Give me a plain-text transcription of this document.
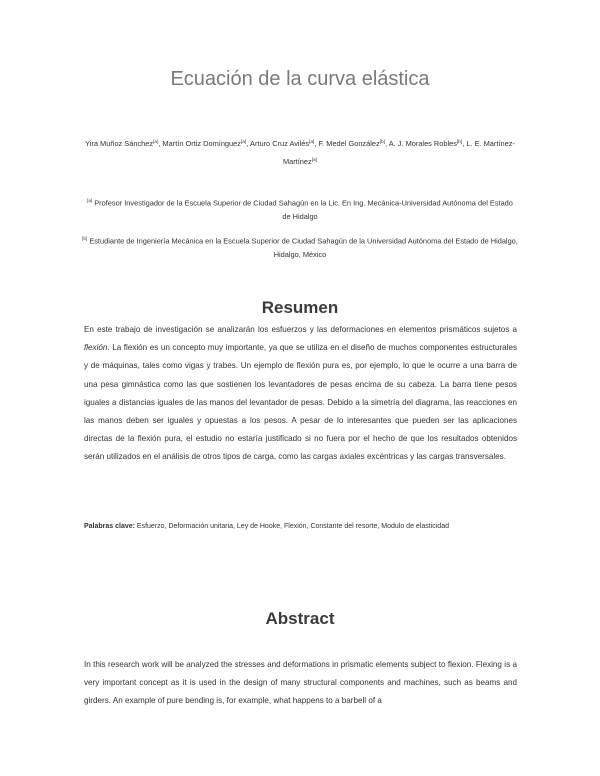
Ecuación de la curva elástica
Yira Muñoz Sánchez[a], Martín Ortiz Domínguez[a], Arturo Cruz Avilés[a], F. Medel González[b], A. J. Morales Robles[b], L. E. Martínez-Martínez[a]
[a] Profesor Investigador de la Escuela Superior de Ciudad Sahagún en la Lic. En Ing. Mecánica-Universidad Autónoma del Estado de Hidalgo
[b] Estudiante de Ingeniería Mecánica en la Escuela Superior de Ciudad Sahagún de la Universidad Autónoma del Estado de Hidalgo, Hidalgo, México
Resumen
En este trabajo de investigación se analizarán los esfuerzos y las deformaciones en elementos prismáticos sujetos a flexión. La flexión es un concepto muy importante, ya que se utiliza en el diseño de muchos componentes estructurales y de máquinas, tales como vigas y trabes. Un ejemplo de flexión pura es, por ejemplo, lo que le ocurre a una barra de una pesa gimnástica como las que sostienen los levantadores de pesas encima de su cabeza. La barra tiene pesos iguales a distancias iguales de las manos del levantador de pesas. Debido a la simetría del diagrama, las reacciones en las manos deben ser iguales y opuestas a los pesos. A pesar de lo interesantes que pueden ser las aplicaciones directas de la flexión pura, el estudio no estaría justificado si no fuera por el hecho de que los resultados obtenidos serán utilizados en el análisis de otros tipos de carga, como las cargas axiales excéntricas y las cargas transversales.
Palabras clave: Esfuerzo, Deformación unitaria, Ley de Hooke, Flexión, Constante del resorte, Modulo de elasticidad
Abstract
In this research work will be analyzed the stresses and deformations in prismatic elements subject to flexion. Flexing is a very important concept as it is used in the design of many structural components and machines, such as beams and girders. An example of pure bending is, for example, what happens to a barbell of a
